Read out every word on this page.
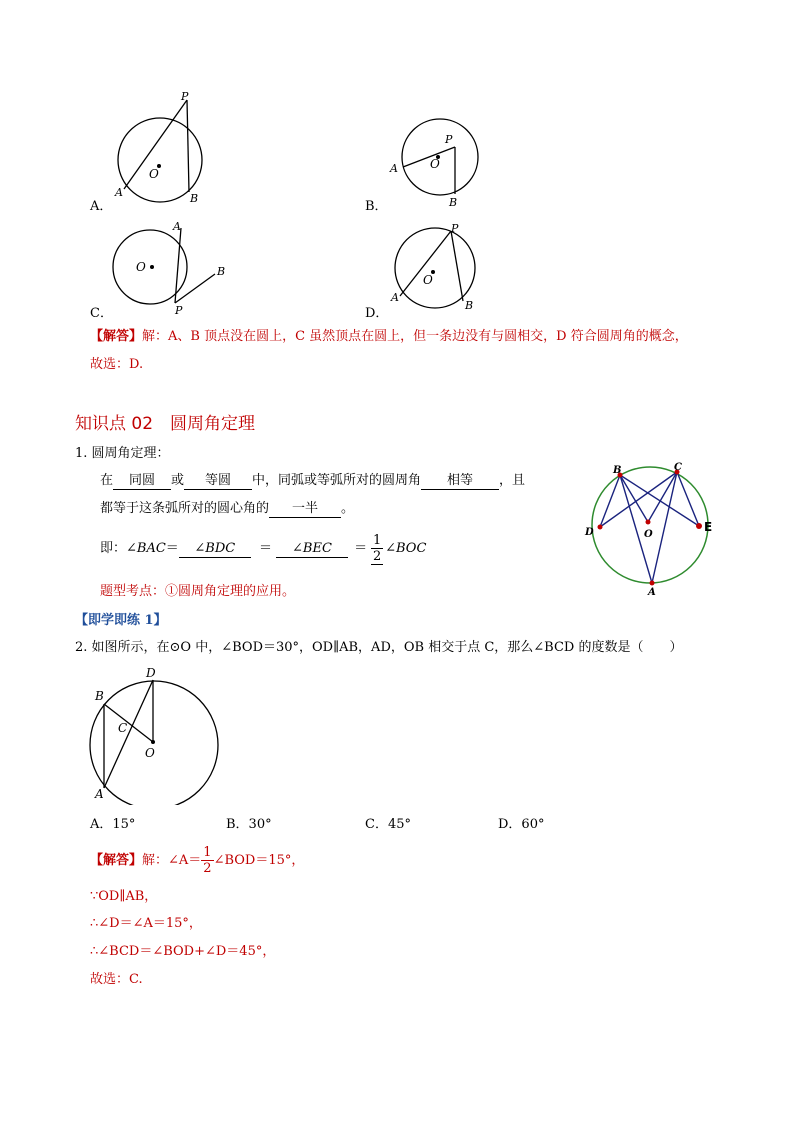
P
O
A	B
A．
P
O
A
B
B．
A
O
P
B
C．
P
O
A
B
D．
【解答】解：A、B 顶点没在圆上，C 虽然顶点在圆上，但一条边没有与圆相交，D 符合圆周角的概念，
故选：D.
知识点 02　圆周角定理
1. 圆周角定理：
在 同圆 或 等圆 中，同弧或等弧所对的圆周角 相等 ，且
都等于这条弧所对的圆心角的 一半 。
即：∠BAC＝ ∠BDC ＝ ∠BEC ＝ $\frac{1}{2}$ ∠BOC
题型考点：①圆周角定理的应用。
B	C
D	E
O
A
【即学即练 1】
2. 如图所示，在⊙O 中，∠BOD＝30°，OD∥AB，AD，OB 相交于点 C，那么∠BCD 的度数是（　　）
D
B
C
O
A
A．15°	B．30°	C．45°	D．60°
【解答】解：∠A＝ $\frac{1}{2}$ ∠BOD＝15°，
∵OD∥AB，
∴∠D＝∠A＝15°，
∴∠BCD＝∠BOD+∠D＝45°，
故选：C.
